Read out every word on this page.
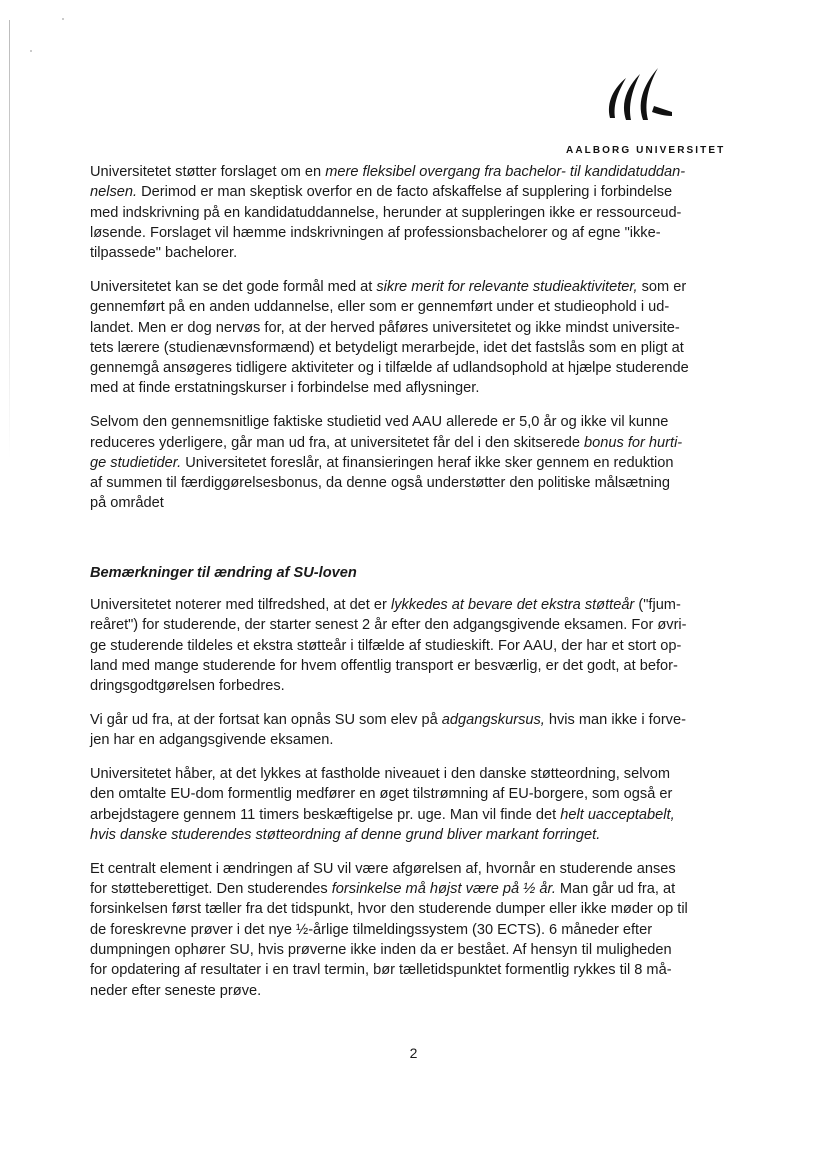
AALBORG UNIVERSITET

Universitetet støtter forslaget om en mere fleksibel overgang fra bachelor- til kandidatuddan-
nelsen. Derimod er man skeptisk overfor en de facto afskaffelse af supplering i forbindelse
med indskrivning på en kandidatuddannelse, herunder at suppleringen ikke er ressourceud-
løsende. Forslaget vil hæmme indskrivningen af professionsbachelorer og af egne "ikke-
tilpassede" bachelorer.

Universitetet kan se det gode formål med at sikre merit for relevante studieaktiviteter, som er
gennemført på en anden uddannelse, eller som er gennemført under et studieophold i ud-
landet. Men er dog nervøs for, at der herved påføres universitetet og ikke mindst universite-
tets lærere (studienævnsformænd) et betydeligt merarbejde, idet det fastslås som en pligt at
gennemgå ansøgeres tidligere aktiviteter og i tilfælde af udlandsophold at hjælpe studerende
med at finde erstatningskurser i forbindelse med aflysninger.

Selvom den gennemsnitlige faktiske studietid ved AAU allerede er 5,0 år og ikke vil kunne
reduceres yderligere, går man ud fra, at universitetet får del i den skitserede bonus for hurti-
ge studietider. Universitetet foreslår, at finansieringen heraf ikke sker gennem en reduktion
af summen til færdiggørelsesbonus, da denne også understøtter den politiske målsætning
på området

Bemærkninger til ændring af SU-loven

Universitetet noterer med tilfredshed, at det er lykkedes at bevare det ekstra støtteår ("fjum-
reåret") for studerende, der starter senest 2 år efter den adgangsgivende eksamen. For øvri-
ge studerende tildeles et ekstra støtteår i tilfælde af studieskift. For AAU, der har et stort op-
land med mange studerende for hvem offentlig transport er besværlig, er det godt, at befor-
dringsgodtgørelsen forbedres.

Vi går ud fra, at der fortsat kan opnås SU som elev på adgangskursus, hvis man ikke i forve-
jen har en adgangsgivende eksamen.

Universitetet håber, at det lykkes at fastholde niveauet i den danske støtteordning, selvom
den omtalte EU-dom formentlig medfører en øget tilstrømning af EU-borgere, som også er
arbejdstagere gennem 11 timers beskæftigelse pr. uge. Man vil finde det helt uacceptabelt,
hvis danske studerendes støtteordning af denne grund bliver markant forringet.

Et centralt element i ændringen af SU vil være afgørelsen af, hvornår en studerende anses
for støtteberettiget. Den studerendes forsinkelse må højst være på ½ år. Man går ud fra, at
forsinkelsen først tæller fra det tidspunkt, hvor den studerende dumper eller ikke møder op til
de foreskrevne prøver i det nye ½-årlige tilmeldingssystem (30 ECTS). 6 måneder efter
dumpningen ophører SU, hvis prøverne ikke inden da er bestået. Af hensyn til muligheden
for opdatering af resultater i en travl termin, bør tælletidspunktet formentlig rykkes til 8 må-
neder efter seneste prøve.

2
